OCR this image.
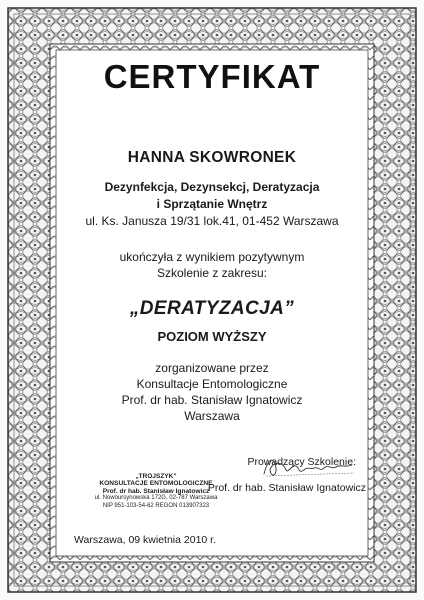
CERTYFIKAT
HANNA SKOWRONEK
Dezynfekcja, Dezynsekcj, Deratyzacja
i Sprzątanie Wnętrz
ul. Ks. Janusza 19/31 lok.41, 01-452 Warszawa
ukończyła z wynikiem pozytywnym
Szkolenie z zakresu:
„DERATYZACJA”
POZIOM WYŻSZY
zorganizowane przez
Konsultacje Entomologiczne
Prof. dr hab. Stanisław Ignatowicz
Warszawa
Prowadzący Szkolenie:
Prof. dr hab. Stanisław Ignatowicz
„TROJSZYK”
KONSULTACJE ENTOMOLOGICZNE
Prof. dr hab. Stanisław Ignatowicz
ul. Nowoursynowska 172G, 02-787 Warszawa
NIP 951-103-54-62 REGON 013907323
Warszawa, 09 kwietnia 2010 r.
